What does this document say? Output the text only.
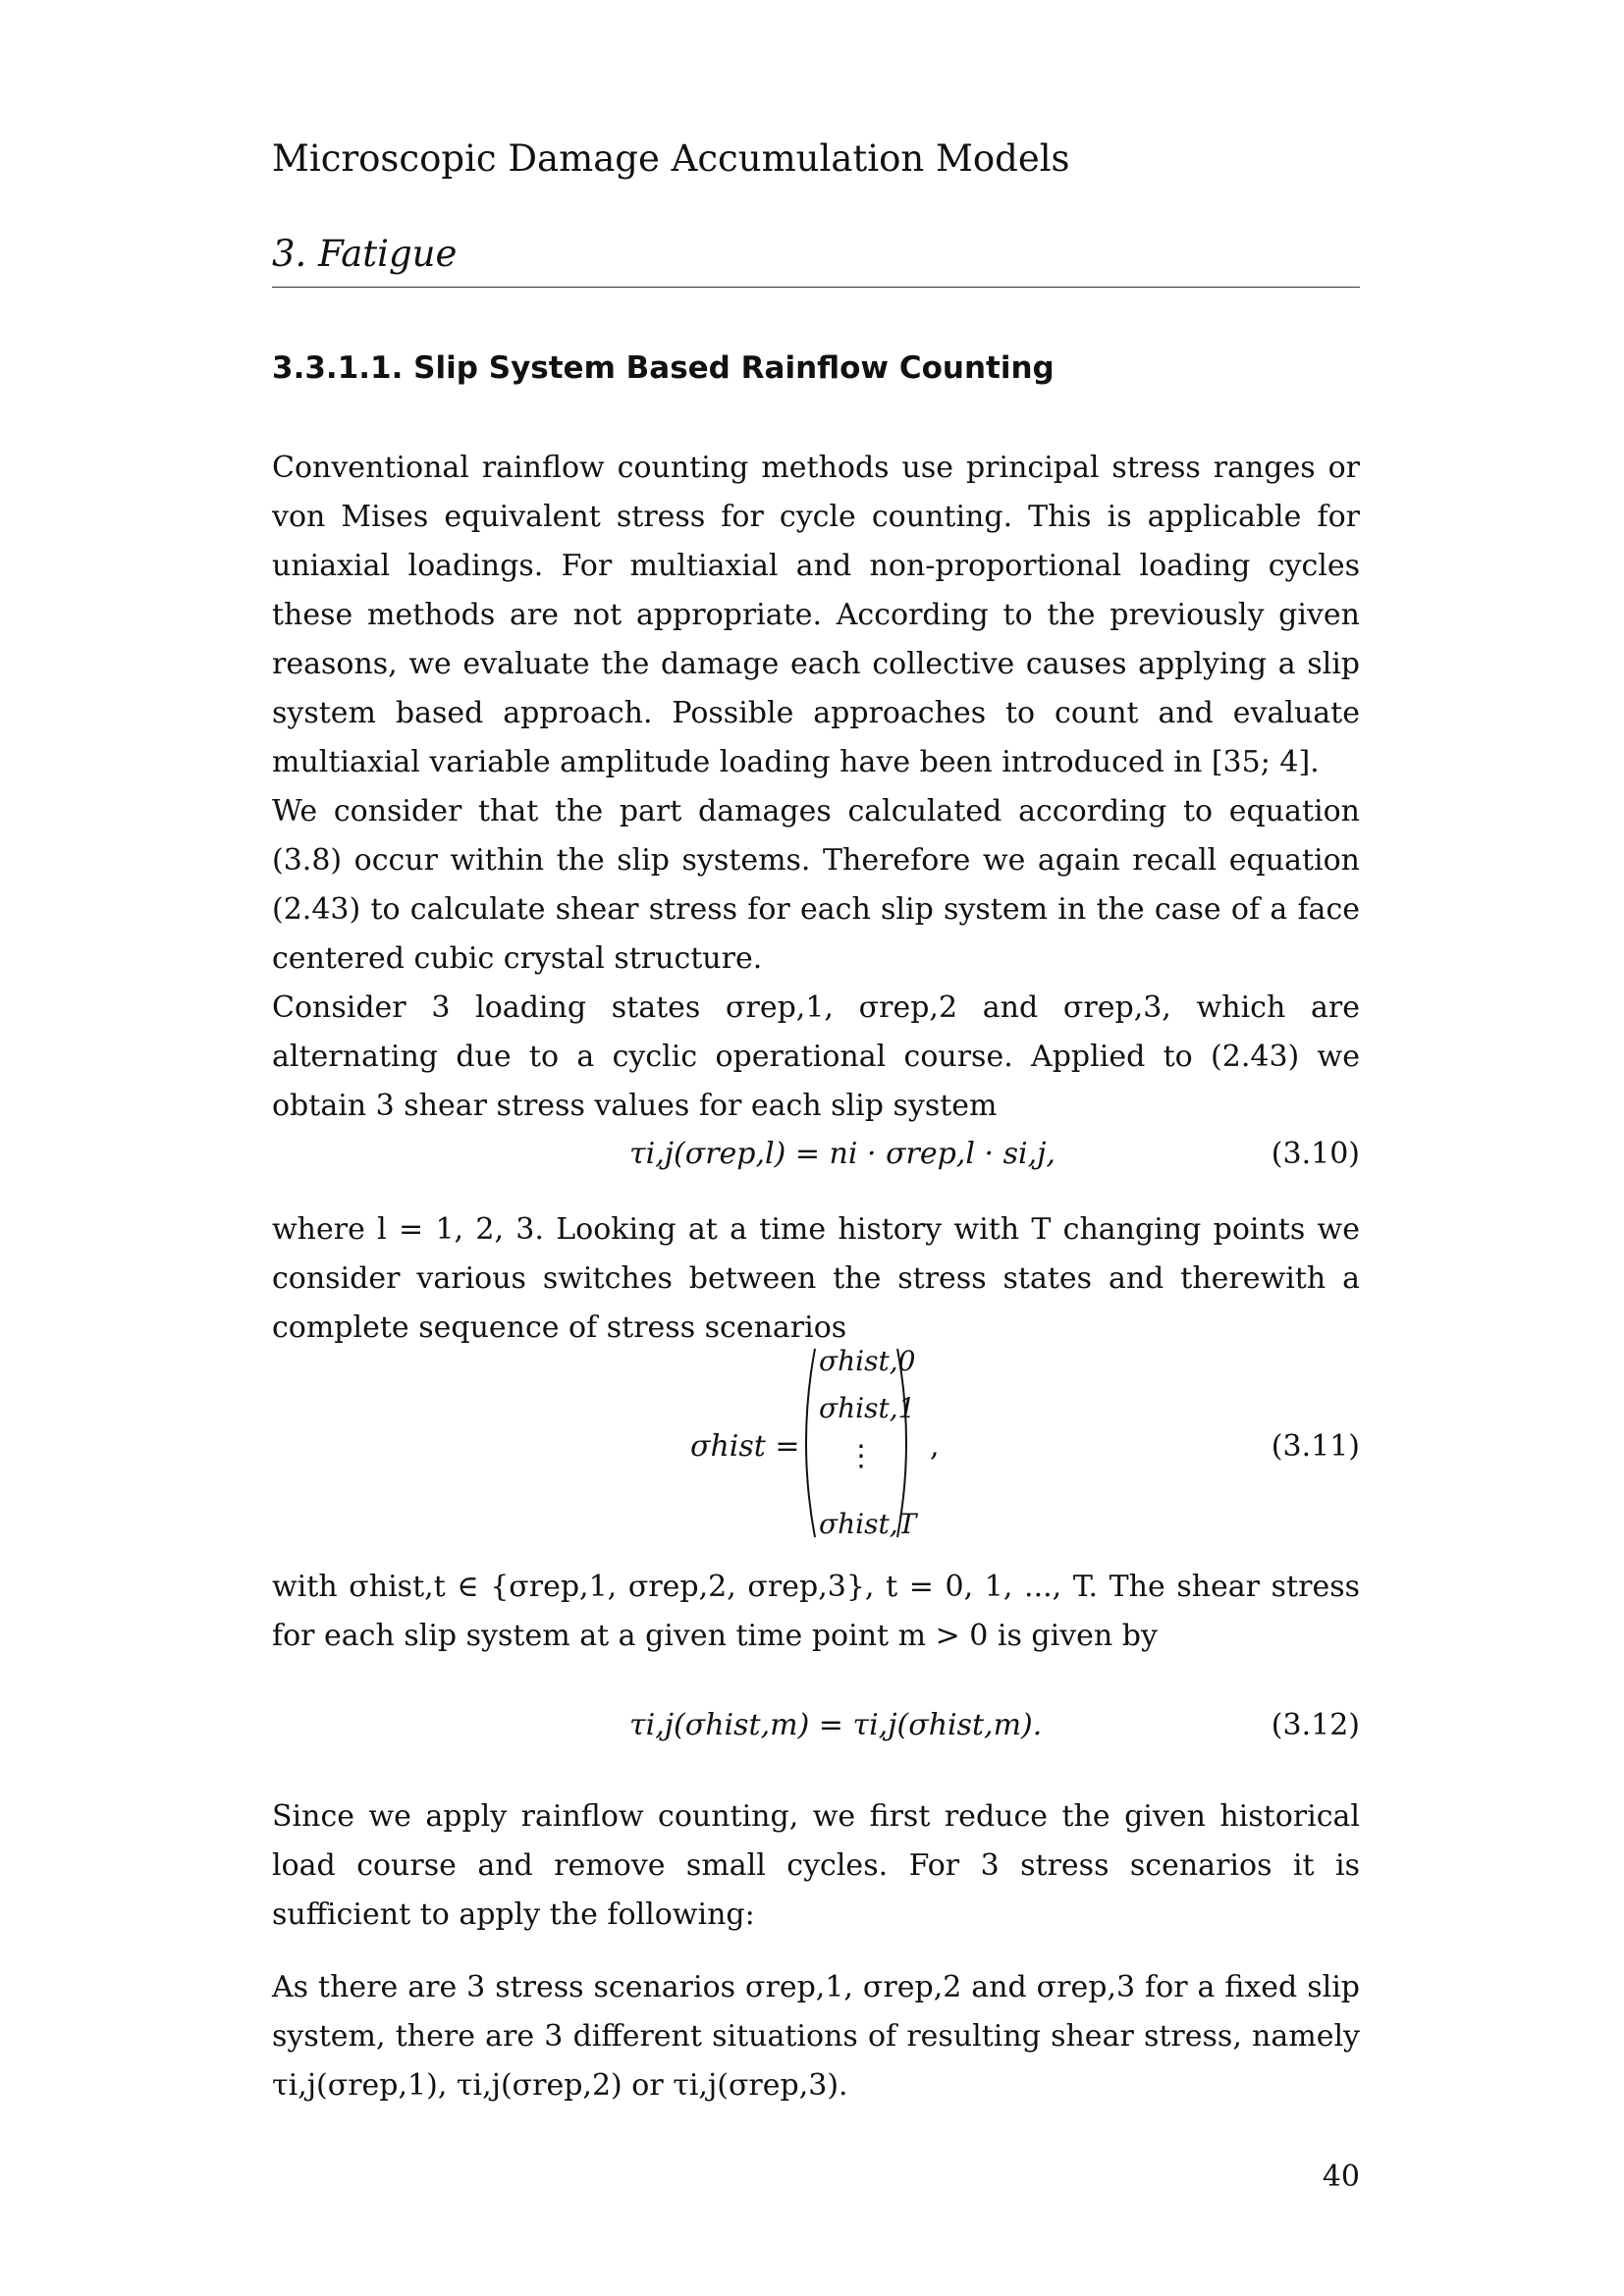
Microscopic Damage Accumulation Models
3. Fatigue
3.3.1.1. Slip System Based Rainflow Counting

Conventional rainflow counting methods use principal stress ranges or von Mises equivalent stress for cycle counting. This is applicable for uniaxial loadings. For multiaxial and non-proportional loading cycles these methods are not appropriate. According to the previously given reasons, we evaluate the damage each collective causes applying a slip system based approach. Possible approaches to count and evaluate multiaxial variable amplitude loading have been introduced in [35; 4].

We consider that the part damages calculated according to equation (3.8) occur within the slip systems. Therefore we again recall equation (2.43) to calculate shear stress for each slip system in the case of a face centered cubic crystal structure.

Consider 3 loading states σrep,1, σrep,2 and σrep,3, which are alternating due to a cyclic operational course. Applied to (2.43) we obtain 3 shear stress values for each slip system

τi,j(σrep,l) = ni · σrep,l · si,j,	(3.10)

where l = 1, 2, 3. Looking at a time history with T changing points we consider various switches between the stress states and therewith a complete sequence of stress scenarios

σhist =
σhist,0
σhist,1
⋮
σhist,T
,	(3.11)

with σhist,t ∈ {σrep,1, σrep,2, σrep,3}, t = 0, 1, ..., T. The shear stress for each slip system at a given time point m > 0 is given by

τi,j(σhist,m) = τi,j(σhist,m).	(3.12)

Since we apply rainflow counting, we first reduce the given historical load course and remove small cycles. For 3 stress scenarios it is sufficient to apply the following:

As there are 3 stress scenarios σrep,1, σrep,2 and σrep,3 for a fixed slip system, there are 3 different situations of resulting shear stress, namely τi,j(σrep,1), τi,j(σrep,2) or τi,j(σrep,3).

40
